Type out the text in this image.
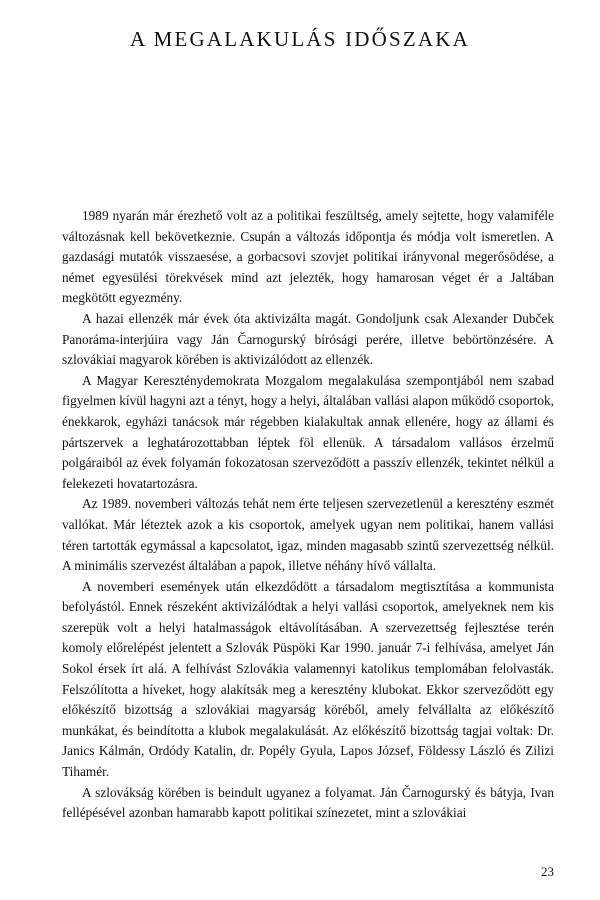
A MEGALAKULÁS IDŐSZAKA

1989 nyarán már érezhető volt az a politikai feszültség, amely sejtette, hogy valamiféle változásnak kell bekövetkeznie. Csupán a változás időpontja és módja volt ismeretlen. A gazdasági mutatók visszaesése, a gorbacsovi szovjet politikai irányvonal megerősödése, a német egyesülési törekvések mind azt jelezték, hogy hamarosan véget ér a Jaltában megkötött egyezmény.

A hazai ellenzék már évek óta aktivizálta magát. Gondoljunk csak Alexander Dubček Panoráma-interjúira vagy Ján Čarnogurský bírósági perére, illetve bebörtönzésére. A szlovákiai magyarok körében is aktivizálódott az ellenzék.

A Magyar Kereszténydemokrata Mozgalom megalakulása szempontjából nem szabad figyelmen kívül hagyni azt a tényt, hogy a helyi, általában vallási alapon működő csoportok, énekkarok, egyházi tanácsok már régebben kialakultak annak ellenére, hogy az állami és pártszervek a leghatározottabban léptek föl ellenük. A társadalom vallásos érzelmű polgáraiból az évek folyamán fokozatosan szerveződött a passzív ellenzék, tekintet nélkül a felekezeti hovatartozásra.

Az 1989. novemberi változás tehát nem érte teljesen szervezetlenül a keresztény eszmét vallókat. Már léteztek azok a kis csoportok, amelyek ugyan nem politikai, hanem vallási téren tartották egymással a kapcsolatot, igaz, minden magasabb szintű szervezettség nélkül. A minimális szervezést általában a papok, illetve néhány hívő vállalta.

A novemberi események után elkezdődött a társadalom megtisztítása a kommunista befolyástól. Ennek részeként aktivizálódtak a helyi vallási csoportok, amelyeknek nem kis szerepük volt a helyi hatalmasságok eltávolításában. A szervezettség fejlesztése terén komoly előrelépést jelentett a Szlovák Püspöki Kar 1990. január 7-i felhívása, amelyet Ján Sokol érsek írt alá. A felhívást Szlovákia valamennyi katolikus templomában felolvasták. Felszólította a híveket, hogy alakítsák meg a keresztény klubokat. Ekkor szerveződött egy előkészítő bizottság a szlovákiai magyarság köréből, amely felvállalta az előkészítő munkákat, és beindította a klubok megalakulását. Az előkészítő bizottság tagjai voltak: Dr. Janics Kálmán, Ordódy Katalin, dr. Popély Gyula, Lapos József, Földessy László és Zilizi Tihamér.

A szlovákság körében is beindult ugyanez a folyamat. Ján Čarnogurský és bátyja, Ivan fellépésével azonban hamarabb kapott politikai színezetet, mint a szlovákiai

23
